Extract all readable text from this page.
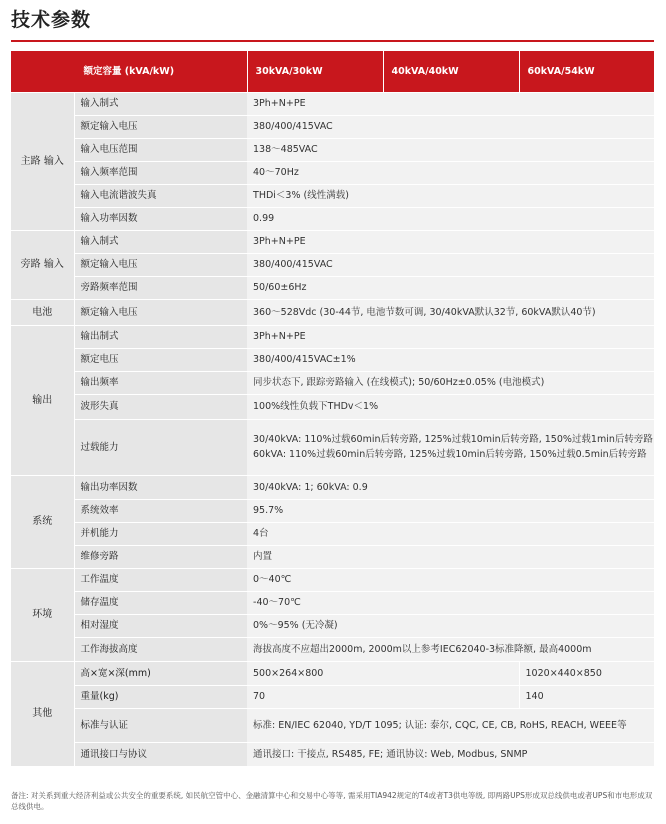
技术参数
额定容量 (kVA/kW)		30kVA/30kW	40kVA/40kW	60kVA/54kW
主路 输入	输入制式	3Ph+N+PE		
	额定输入电压	380/400/415VAC		
	输入电压范围	138～485VAC		
	输入频率范围	40～70Hz		
	输入电流谐波失真	THDi＜3% (线性满载)		
	输入功率因数	0.99		
旁路 输入	输入制式	3Ph+N+PE		
	额定输入电压	380/400/415VAC		
	旁路频率范围	50/60±6Hz		
电池	额定输入电压	360～528Vdc (30-44节, 电池节数可调, 30/40kVA默认32节, 60kVA默认40节)		
输出	输出制式	3Ph+N+PE		
	额定电压	380/400/415VAC±1%		
	输出频率	同步状态下, 跟踪旁路输入 (在线模式); 50/60Hz±0.05% (电池模式)		
	波形失真	100%线性负载下THDv＜1%		
	过载能力	30/40kVA: 110%过载60min后转旁路, 125%过载10min后转旁路, 150%过载1min后转旁路
60kVA: 110%过载60min后转旁路, 125%过载10min后转旁路, 150%过载0.5min后转旁路		

系统	输出功率因数	30/40kVA: 1; 60kVA: 0.9		
	系统效率	95.7%		
	并机能力	4台		
	维修旁路	内置		
环境	工作温度	0～40℃		
	储存温度	-40～70℃		
	相对湿度	0%～95% (无冷凝)		
	工作海拔高度	海拔高度不应超出2000m, 2000m以上参考IEC62040-3标准降额, 最高4000m		
其他	高×宽×深(mm)	500×264×800		1020×440×850
	重量(kg)	70		140
	标准与认证	标准: EN/IEC 62040, YD/T 1095; 认证: 泰尔, CQC, CE, CB, RoHS, REACH, WEEE等		
	通讯接口与协议	通讯接口: 干接点, RS485, FE; 通讯协议: Web, Modbus, SNMP		
备注: 对关系到重大经济利益或公共安全的重要系统, 如民航空管中心、金融清算中心和交易中心等等, 需采用TIA942规定的T4或者T3供电等级, 即两路UPS形成双总线供电或者UPS和市电形成双总线供电。
